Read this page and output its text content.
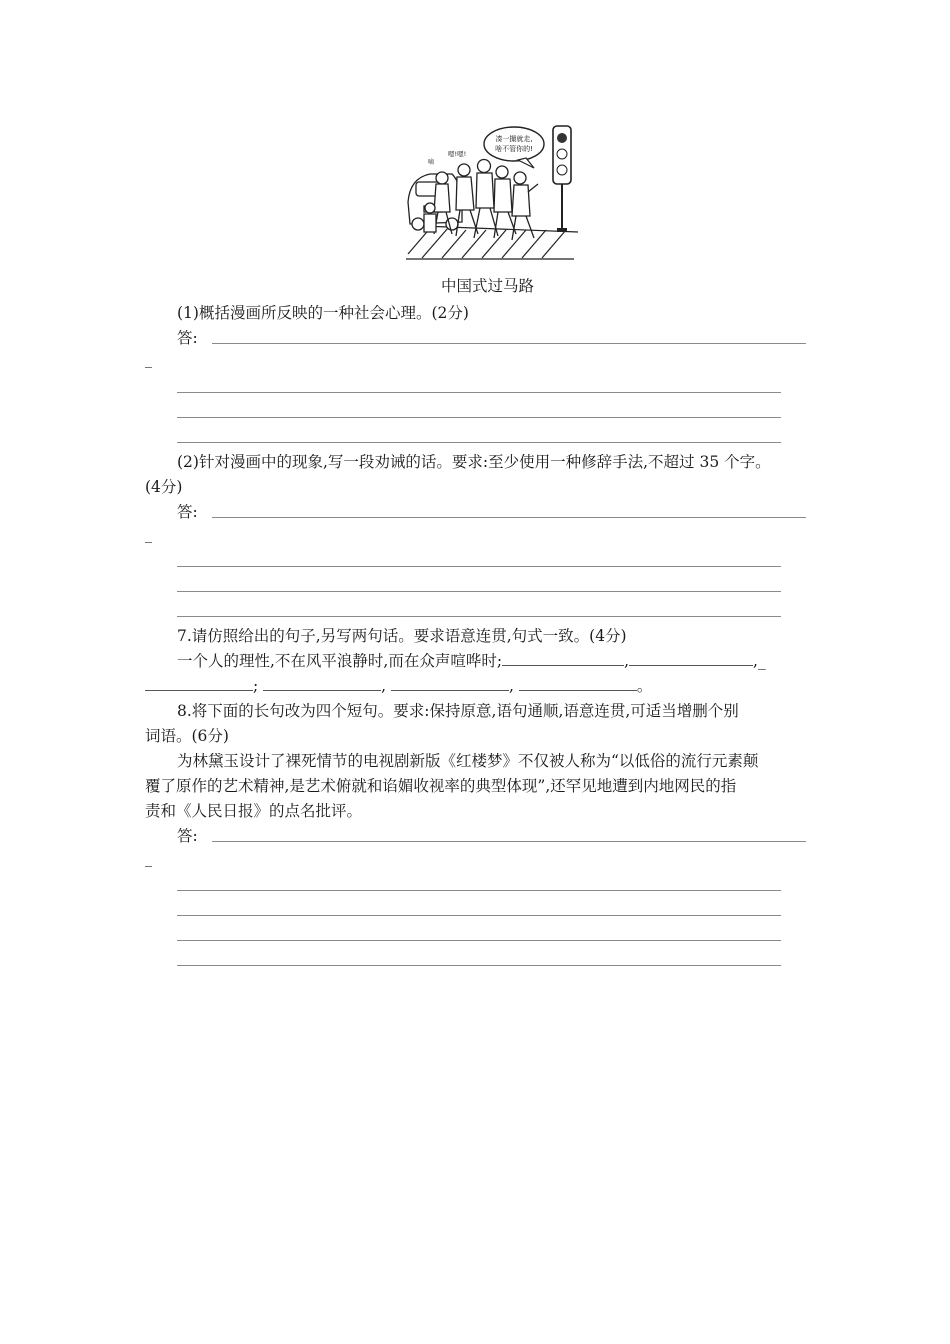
凑一撮就走,
啥不管你的!
嗯!嗯!
嘀
中国式过马路
(1)概括漫画所反映的一种社会心理。(2分)
答:
(2)针对漫画中的现象,写一段劝诫的话。要求:至少使用一种修辞手法,不超过 35 个字。
(4分)
答:
7.请仿照给出的句子,另写两句话。要求语意连贯,句式一致。(4分)
一个人的理性,不在风平浪静时,而在众声喧哗时;	,	,_
;	,	,	。
8.将下面的长句改为四个短句。要求:保持原意,语句通顺,语意连贯,可适当增删个别
词语。(6分)
为林黛玉设计了裸死情节的电视剧新版《红楼梦》不仅被人称为“以低俗的流行元素颠
覆了原作的艺术精神,是艺术俯就和谄媚收视率的典型体现”,还罕见地遭到内地网民的指
责和《人民日报》的点名批评。
答:
